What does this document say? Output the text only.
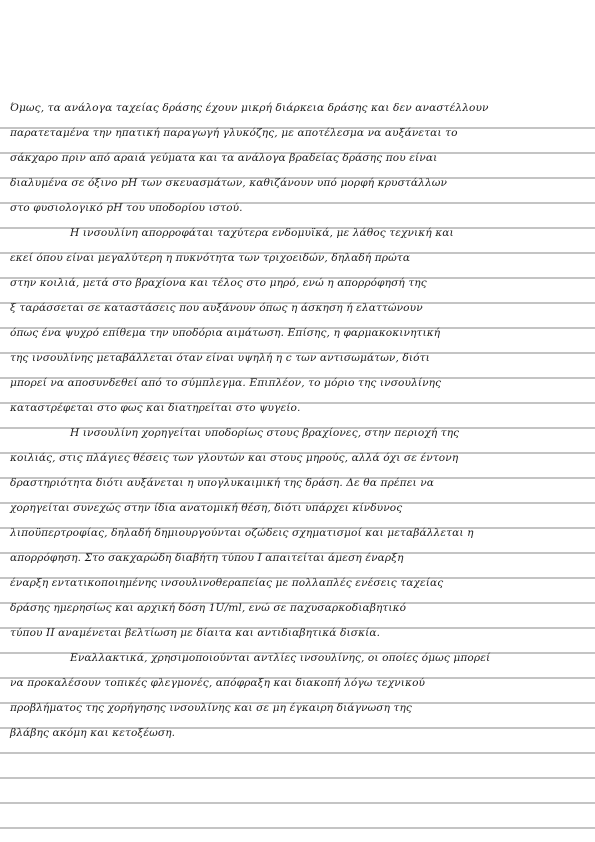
Όμως, τα ανάλογα ταχείας δράσης έχουν μικρή διάρκεια δράσης και δεν αναστέλλουν
παρατεταμένα την ηπατική παραγωγή γλυκόζης, με αποτέλεσμα να αυξάνεται το
σάκχαρο πριν από αραιά γεύματα και τα ανάλογα βραδείας δράσης που είναι
διαλυμένα σε όξινο pH των σκευασμάτων, καθιζάνουν υπό μορφή κρυστάλλων
στο φυσιολογικό pH του υποδορίου ιστού.
Η ινσουλίνη απορροφάται ταχύτερα ενδομυϊκά, με λάθος τεχνική και
εκεί όπου είναι μεγαλύτερη η πυκνότητα των τριχοειδών, δηλαδή πρώτα
στην κοιλιά, μετά στο βραχίονα και τέλος στο μηρό, ενώ η απορρόφησή της
ξ ταράσσεται σε καταστάσεις που αυξάνουν όπως η άσκηση ή ελαττώνουν
όπως ένα ψυχρό επίθεμα την υποδόρια αιμάτωση. Επίσης, η φαρμακοκινητική
της ινσουλίνης μεταβάλλεται όταν είναι υψηλή η c των αντισωμάτων, διότι
μπορεί να αποσυνδεθεί από το σύμπλεγμα. Επιπλέον, το μόριο της ινσουλίνης
καταστρέφεται στο φως και διατηρείται στο ψυγείο.
Η ινσουλίνη χορηγείται υποδορίως στους βραχίονες, στην περιοχή της
κοιλιάς, στις πλάγιες θέσεις των γλουτών και στους μηρούς, αλλά όχι σε έντονη
δραστηριότητα διότι αυξάνεται η υπογλυκαιμική της δράση. Δε θα πρέπει να
χορηγείται συνεχώς στην ίδια ανατομική θέση, διότι υπάρχει κίνδυνος
λιποϋπερτροφίας, δηλαδή δημιουργούνται οζώδεις σχηματισμοί και μεταβάλλεται η
απορρόφηση. Στο σακχαρώδη διαβήτη τύπου Ι απαιτείται άμεση έναρξη
έναρξη εντατικοποιημένης ινσουλινοθεραπείας με πολλαπλές ενέσεις ταχείας
δράσης ημερησίως και αρχική δόση 1U/ml, ενώ σε παχυσαρκοδιαβητικό
τύπου ΙΙ αναμένεται βελτίωση με δίαιτα και αντιδιαβητικά δισκία.
Εναλλακτικά, χρησιμοποιούνται αντλίες ινσουλίνης, οι οποίες όμως μπορεί
να προκαλέσουν τοπικές φλεγμονές, απόφραξη και διακοπή λόγω τεχνικού
προβλήματος της χορήγησης ινσουλίνης και σε μη έγκαιρη διάγνωση της
βλάβης ακόμη και κετοξέωση.
